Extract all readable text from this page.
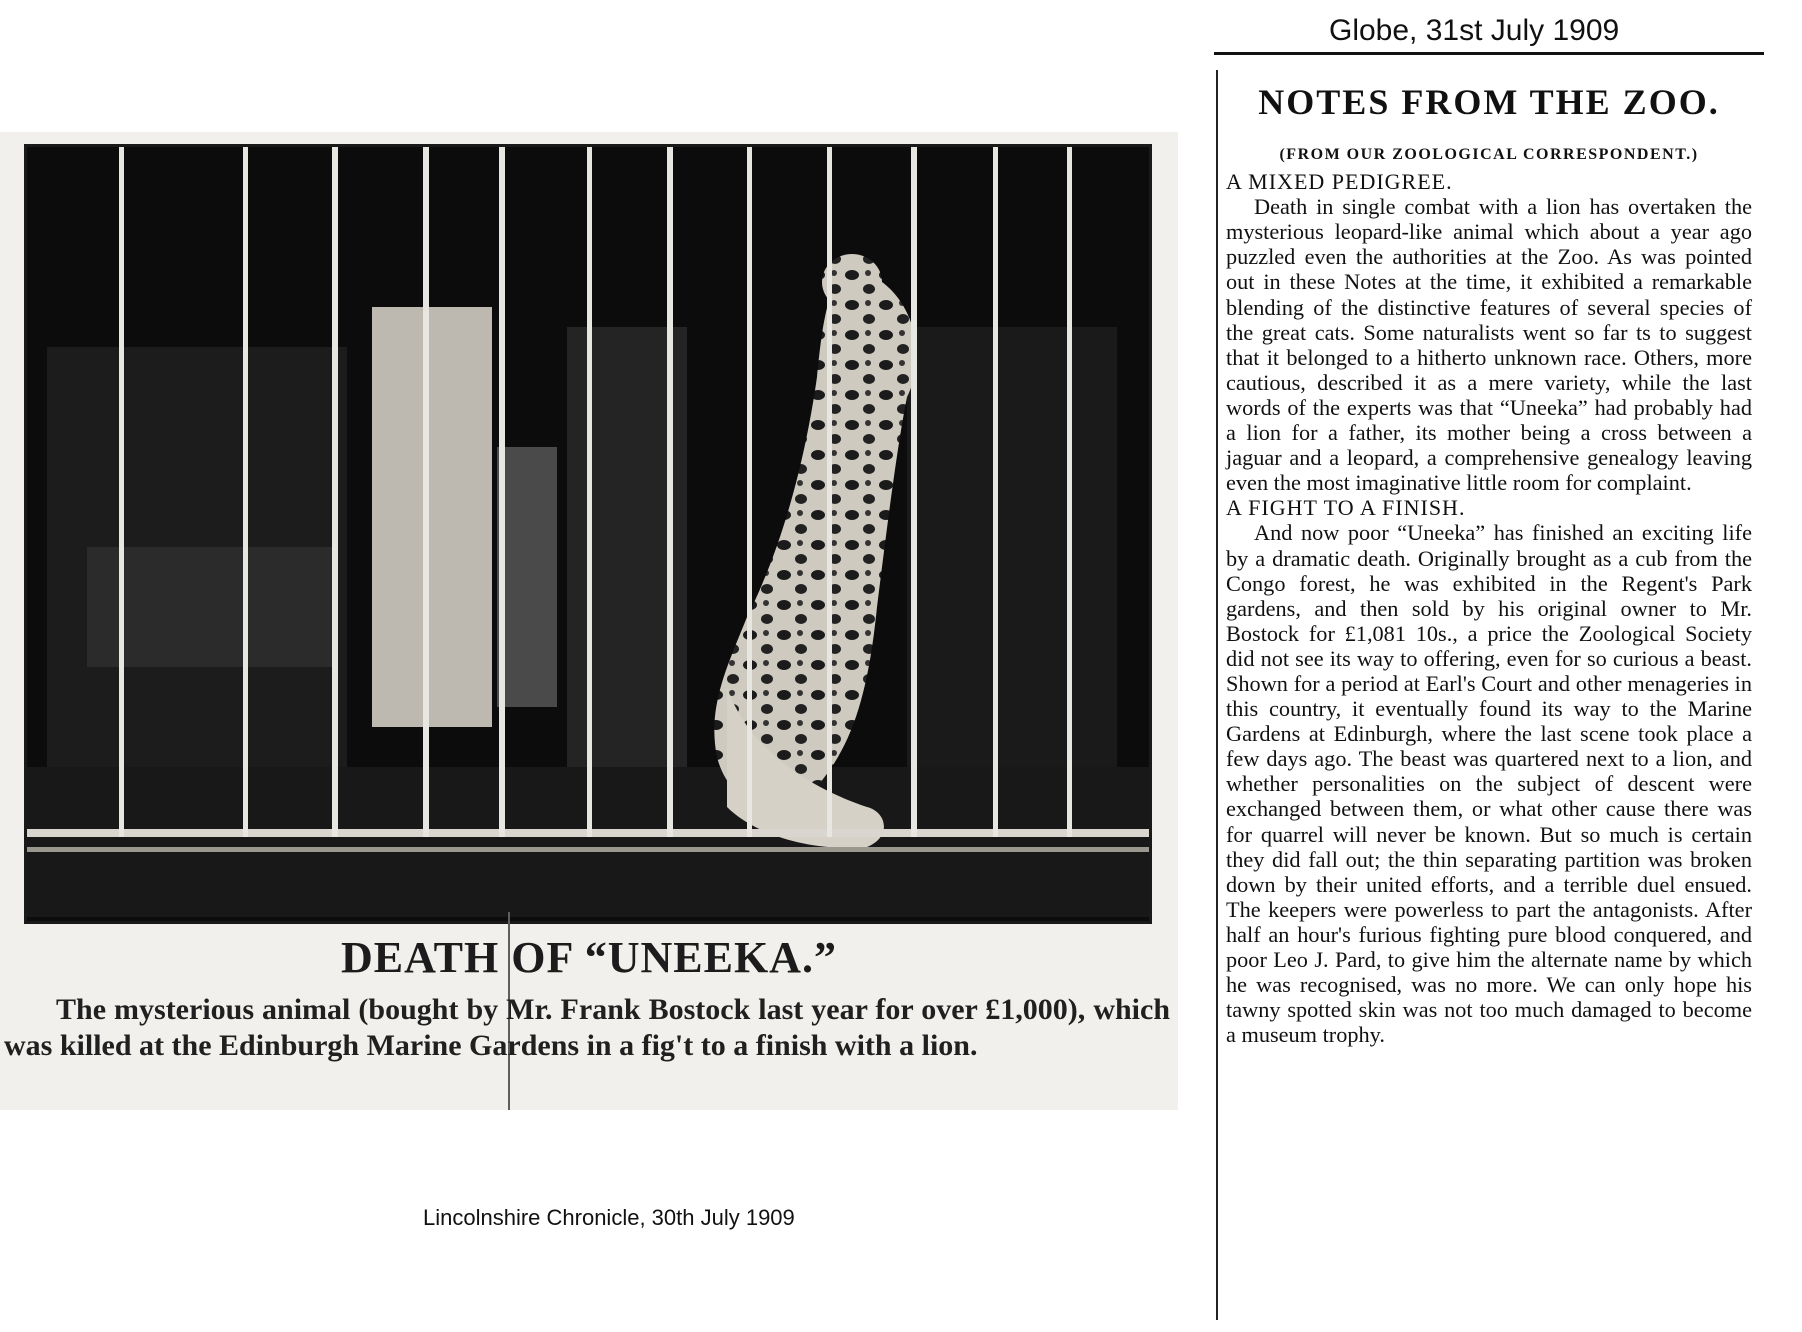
Globe, 31st July 1909
DEATH OF “UNEEKA.”
The mysterious animal (bought by Mr. Frank Bostock last year for over £1,000), which was killed at the Edinburgh Marine Gardens in a fig't to a finish with a lion.
Lincolnshire Chronicle, 30th July 1909
NOTES FROM THE ZOO.
(FROM OUR ZOOLOGICAL CORRESPONDENT.)
A MIXED PEDIGREE.

Death in single combat with a lion has overtaken the mysterious leopard-like animal which about a year ago puzzled even the authorities at the Zoo. As was pointed out in these Notes at the time, it exhibited a remarkable blending of the distinctive features of several species of the great cats. Some naturalists went so far ts to suggest that it belonged to a hitherto unknown race. Others, more cautious, described it as a mere variety, while the last words of the experts was that “Uneeka” had probably had a lion for a father, its mother being a cross between a jaguar and a leopard, a comprehensive genealogy leaving even the most imaginative little room for complaint.

A FIGHT TO A FINISH.

And now poor “Uneeka” has finished an exciting life by a dramatic death. Originally brought as a cub from the Congo forest, he was exhibited in the Regent's Park gardens, and then sold by his original owner to Mr. Bostock for £1,081 10s., a price the Zoological Society did not see its way to offering, even for so curious a beast. Shown for a period at Earl's Court and other menageries in this country, it eventually found its way to the Marine Gardens at Edinburgh, where the last scene took place a few days ago. The beast was quartered next to a lion, and whether personalities on the subject of descent were exchanged between them, or what other cause there was for quarrel will never be known. But so much is certain they did fall out; the thin separating partition was broken down by their united efforts, and a terrible duel ensued. The keepers were powerless to part the antagonists. After half an hour's furious fighting pure blood conquered, and poor Leo J. Pard, to give him the alternate name by which he was recognised, was no more. We can only hope his tawny spotted skin was not too much damaged to become a museum trophy.
